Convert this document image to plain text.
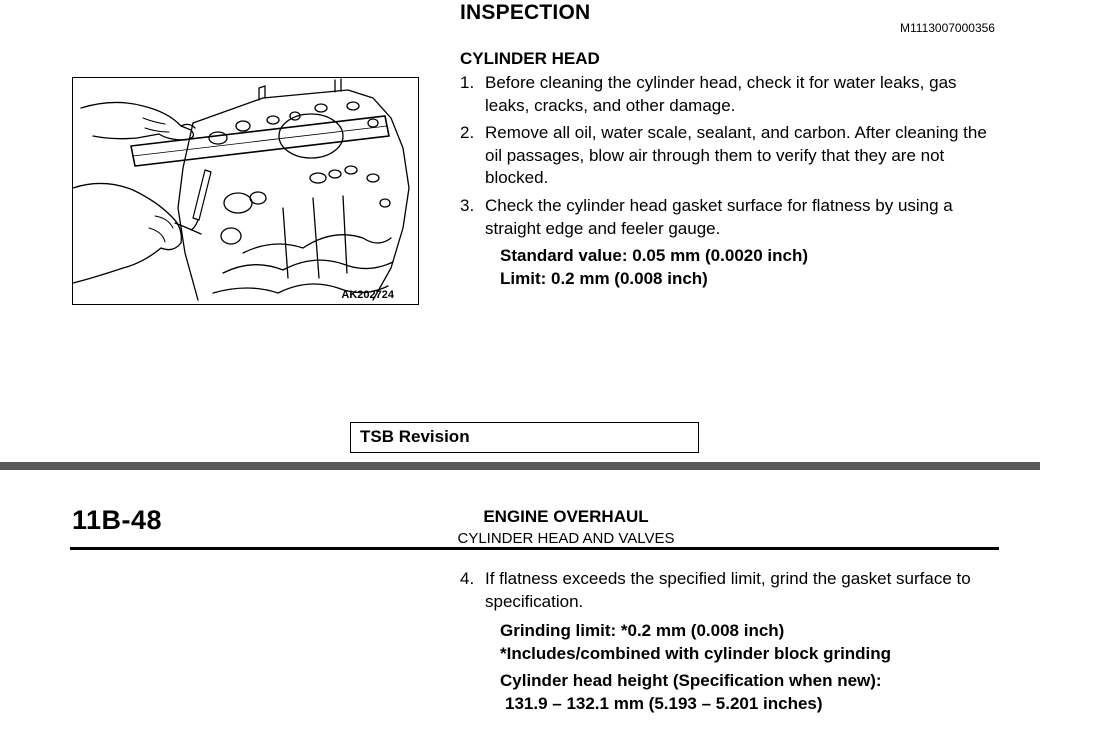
INSPECTION
M1113007000356
CYLINDER HEAD
AK202724
1. Before cleaning the cylinder head, check it for water leaks, gas leaks, cracks, and other damage.
2. Remove all oil, water scale, sealant, and carbon. After cleaning the oil passages, blow air through them to verify that they are not blocked.
3. Check the cylinder head gasket surface for flatness by using a straight edge and feeler gauge.
Standard value: 0.05 mm (0.0020 inch)
Limit: 0.2 mm (0.008 inch)
TSB Revision
11B-48	ENGINE OVERHAUL
CYLINDER HEAD AND VALVES
4. If flatness exceeds the specified limit, grind the gasket surface to specification.
Grinding limit: *0.2 mm (0.008 inch)
*Includes/combined with cylinder block grinding
Cylinder head height (Specification when new):
131.9 – 132.1 mm (5.193 – 5.201 inches)
